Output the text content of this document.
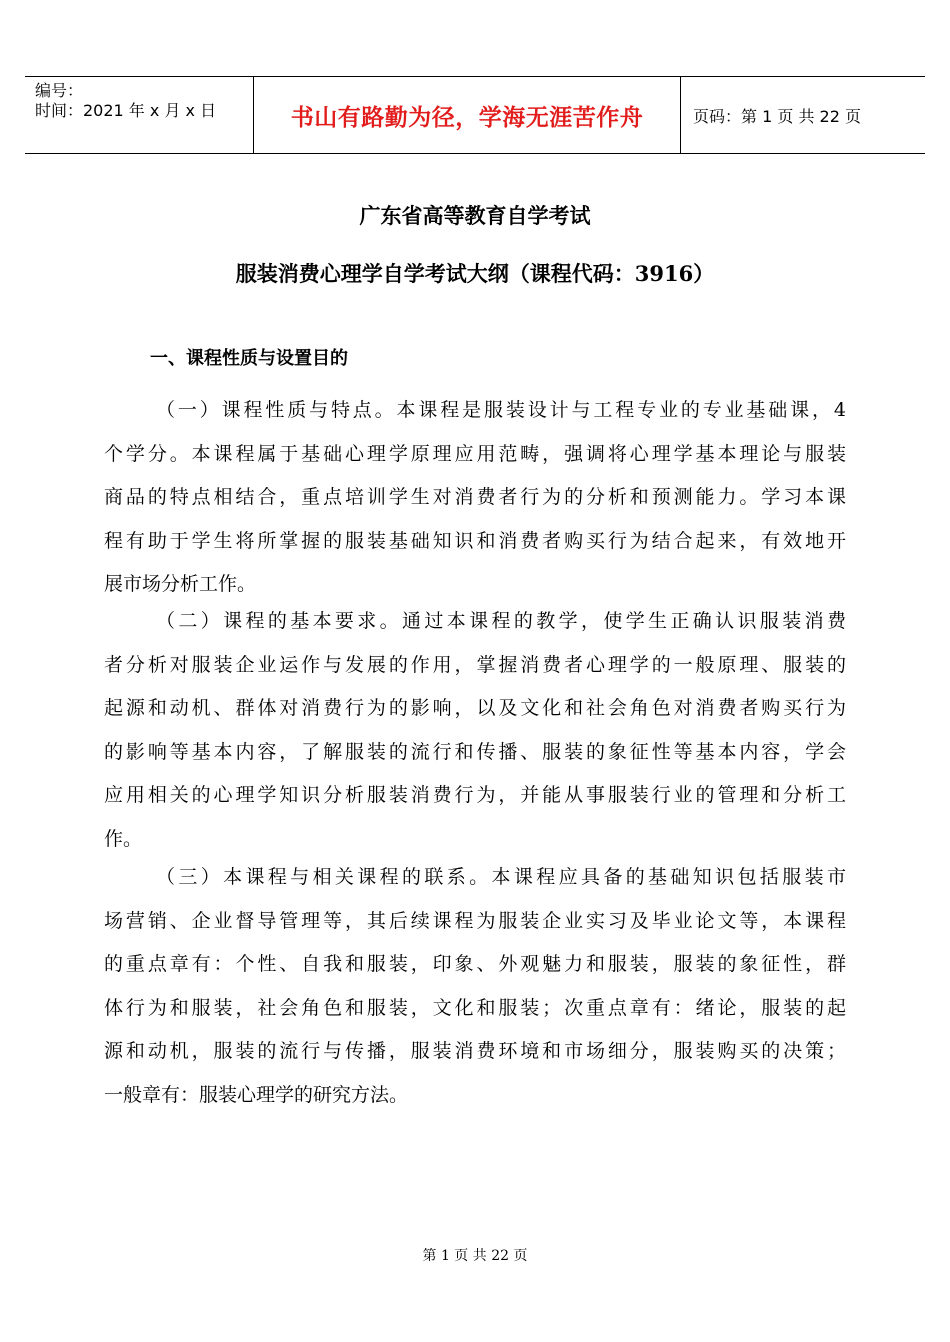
编号：
时间：2021 年 x 月 x 日	书山有路勤为径，学海无涯苦作舟	页码：第 1 页 共 22 页
广东省高等教育自学考试
服装消费心理学自学考试大纲（课程代码：3916）
一、课程性质与设置目的
（一）课程性质与特点。本课程是服装设计与工程专业的专业基础课，4
个学分。本课程属于基础心理学原理应用范畴，强调将心理学基本理论与服装
商品的特点相结合，重点培训学生对消费者行为的分析和预测能力。学习本课
程有助于学生将所掌握的服装基础知识和消费者购买行为结合起来，有效地开
展市场分析工作。
（二）课程的基本要求。通过本课程的教学，使学生正确认识服装消费
者分析对服装企业运作与发展的作用，掌握消费者心理学的一般原理、服装的
起源和动机、群体对消费行为的影响，以及文化和社会角色对消费者购买行为
的影响等基本内容，了解服装的流行和传播、服装的象征性等基本内容，学会
应用相关的心理学知识分析服装消费行为，并能从事服装行业的管理和分析工
作。
（三）本课程与相关课程的联系。本课程应具备的基础知识包括服装市
场营销、企业督导管理等，其后续课程为服装企业实习及毕业论文等，本课程
的重点章有：个性、自我和服装，印象、外观魅力和服装，服装的象征性，群
体行为和服装，社会角色和服装，文化和服装；次重点章有：绪论，服装的起
源和动机，服装的流行与传播，服装消费环境和市场细分，服装购买的决策；
一般章有：服装心理学的研究方法。
第 1 页 共 22 页
